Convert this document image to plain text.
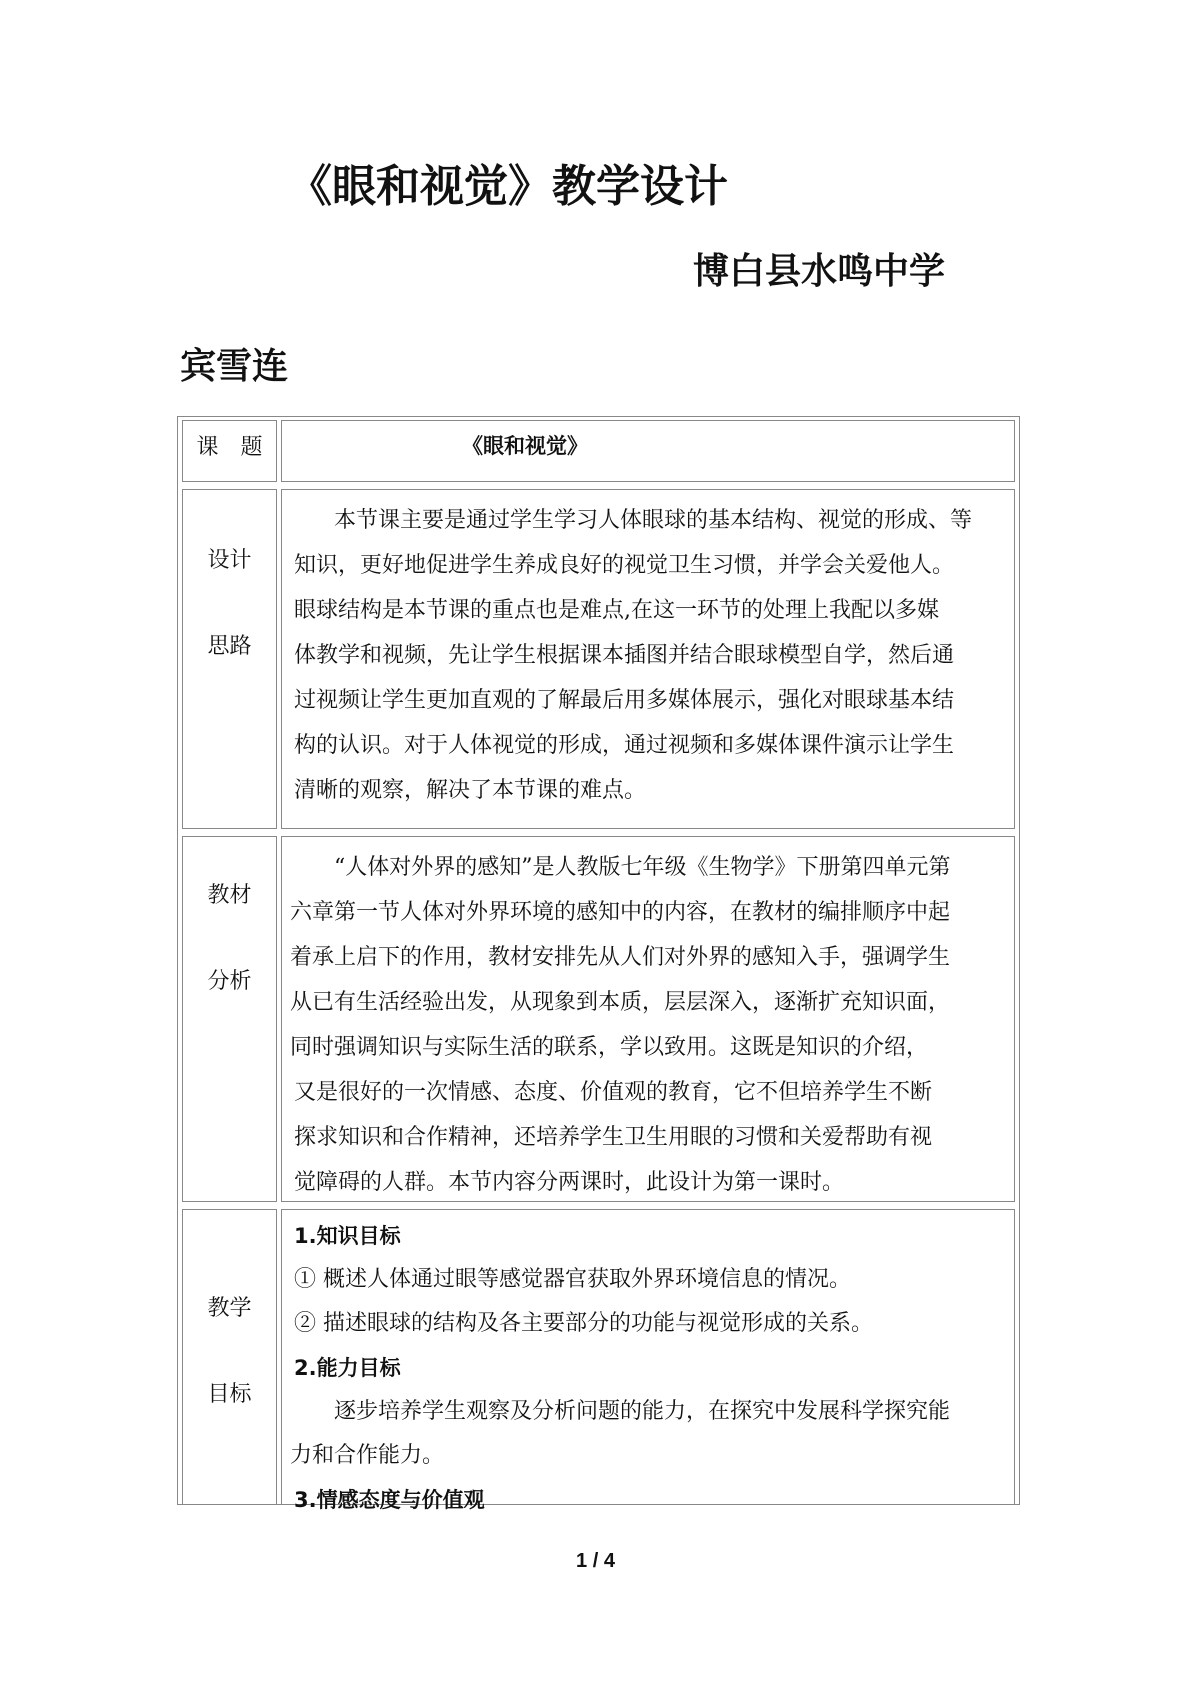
《眼和视觉》教学设计
博白县水鸣中学
宾雪连
课　题	《眼和视觉》
设计
思路

本节课主要是通过学生学习人体眼球的基本结构、视觉的形成、等

知识，更好地促进学生养成良好的视觉卫生习惯，并学会关爱他人。

眼球结构是本节课的重点也是难点,在这一环节的处理上我配以多媒

体教学和视频，先让学生根据课本插图并结合眼球模型自学，然后通

过视频让学生更加直观的了解最后用多媒体展示，强化对眼球基本结

构的认识。对于人体视觉的形成，通过视频和多媒体课件演示让学生

清晰的观察，解决了本节课的难点。

教材
分析

“人体对外界的感知”是人教版七年级《生物学》下册第四单元第

六章第一节人体对外界环境的感知中的内容，在教材的编排顺序中起

着承上启下的作用，教材安排先从人们对外界的感知入手，强调学生

从已有生活经验出发，从现象到本质，层层深入，逐渐扩充知识面，

同时强调知识与实际生活的联系，学以致用。这既是知识的介绍，

又是很好的一次情感、态度、价值观的教育，它不但培养学生不断

探求知识和合作精神，还培养学生卫生用眼的习惯和关爱帮助有视

觉障碍的人群。本节内容分两课时，此设计为第一课时。

教学
目标

1.知识目标

① 概述人体通过眼等感觉器官获取外界环境信息的情况。

② 描述眼球的结构及各主要部分的功能与视觉形成的关系。

2.能力目标

逐步培养学生观察及分析问题的能力，在探究中发展科学探究能

力和合作能力。

3.情感态度与价值观

1 / 4
